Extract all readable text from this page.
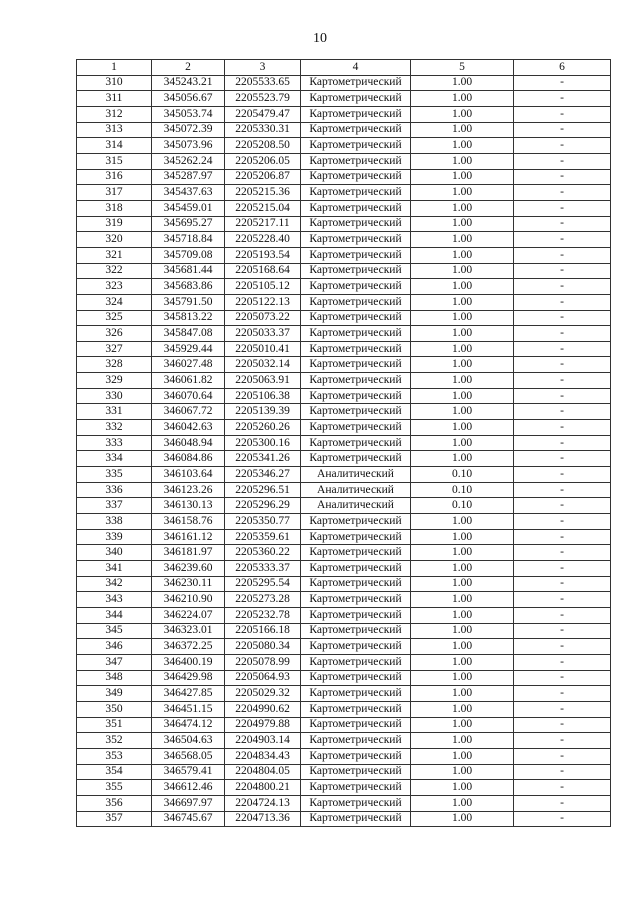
10
1	2	3	4	5	6
310	345243.21	2205533.65	Картометрический	1.00	-
311	345056.67	2205523.79	Картометрический	1.00	-
312	345053.74	2205479.47	Картометрический	1.00	-
313	345072.39	2205330.31	Картометрический	1.00	-
314	345073.96	2205208.50	Картометрический	1.00	-
315	345262.24	2205206.05	Картометрический	1.00	-
316	345287.97	2205206.87	Картометрический	1.00	-
317	345437.63	2205215.36	Картометрический	1.00	-
318	345459.01	2205215.04	Картометрический	1.00	-
319	345695.27	2205217.11	Картометрический	1.00	-
320	345718.84	2205228.40	Картометрический	1.00	-
321	345709.08	2205193.54	Картометрический	1.00	-
322	345681.44	2205168.64	Картометрический	1.00	-
323	345683.86	2205105.12	Картометрический	1.00	-
324	345791.50	2205122.13	Картометрический	1.00	-
325	345813.22	2205073.22	Картометрический	1.00	-
326	345847.08	2205033.37	Картометрический	1.00	-
327	345929.44	2205010.41	Картометрический	1.00	-
328	346027.48	2205032.14	Картометрический	1.00	-
329	346061.82	2205063.91	Картометрический	1.00	-
330	346070.64	2205106.38	Картометрический	1.00	-
331	346067.72	2205139.39	Картометрический	1.00	-
332	346042.63	2205260.26	Картометрический	1.00	-
333	346048.94	2205300.16	Картометрический	1.00	-
334	346084.86	2205341.26	Картометрический	1.00	-
335	346103.64	2205346.27	Аналитический	0.10	-
336	346123.26	2205296.51	Аналитический	0.10	-
337	346130.13	2205296.29	Аналитический	0.10	-
338	346158.76	2205350.77	Картометрический	1.00	-
339	346161.12	2205359.61	Картометрический	1.00	-
340	346181.97	2205360.22	Картометрический	1.00	-
341	346239.60	2205333.37	Картометрический	1.00	-
342	346230.11	2205295.54	Картометрический	1.00	-
343	346210.90	2205273.28	Картометрический	1.00	-
344	346224.07	2205232.78	Картометрический	1.00	-
345	346323.01	2205166.18	Картометрический	1.00	-
346	346372.25	2205080.34	Картометрический	1.00	-
347	346400.19	2205078.99	Картометрический	1.00	-
348	346429.98	2205064.93	Картометрический	1.00	-
349	346427.85	2205029.32	Картометрический	1.00	-
350	346451.15	2204990.62	Картометрический	1.00	-
351	346474.12	2204979.88	Картометрический	1.00	-
352	346504.63	2204903.14	Картометрический	1.00	-
353	346568.05	2204834.43	Картометрический	1.00	-
354	346579.41	2204804.05	Картометрический	1.00	-
355	346612.46	2204800.21	Картометрический	1.00	-
356	346697.97	2204724.13	Картометрический	1.00	-
357	346745.67	2204713.36	Картометрический	1.00	-
